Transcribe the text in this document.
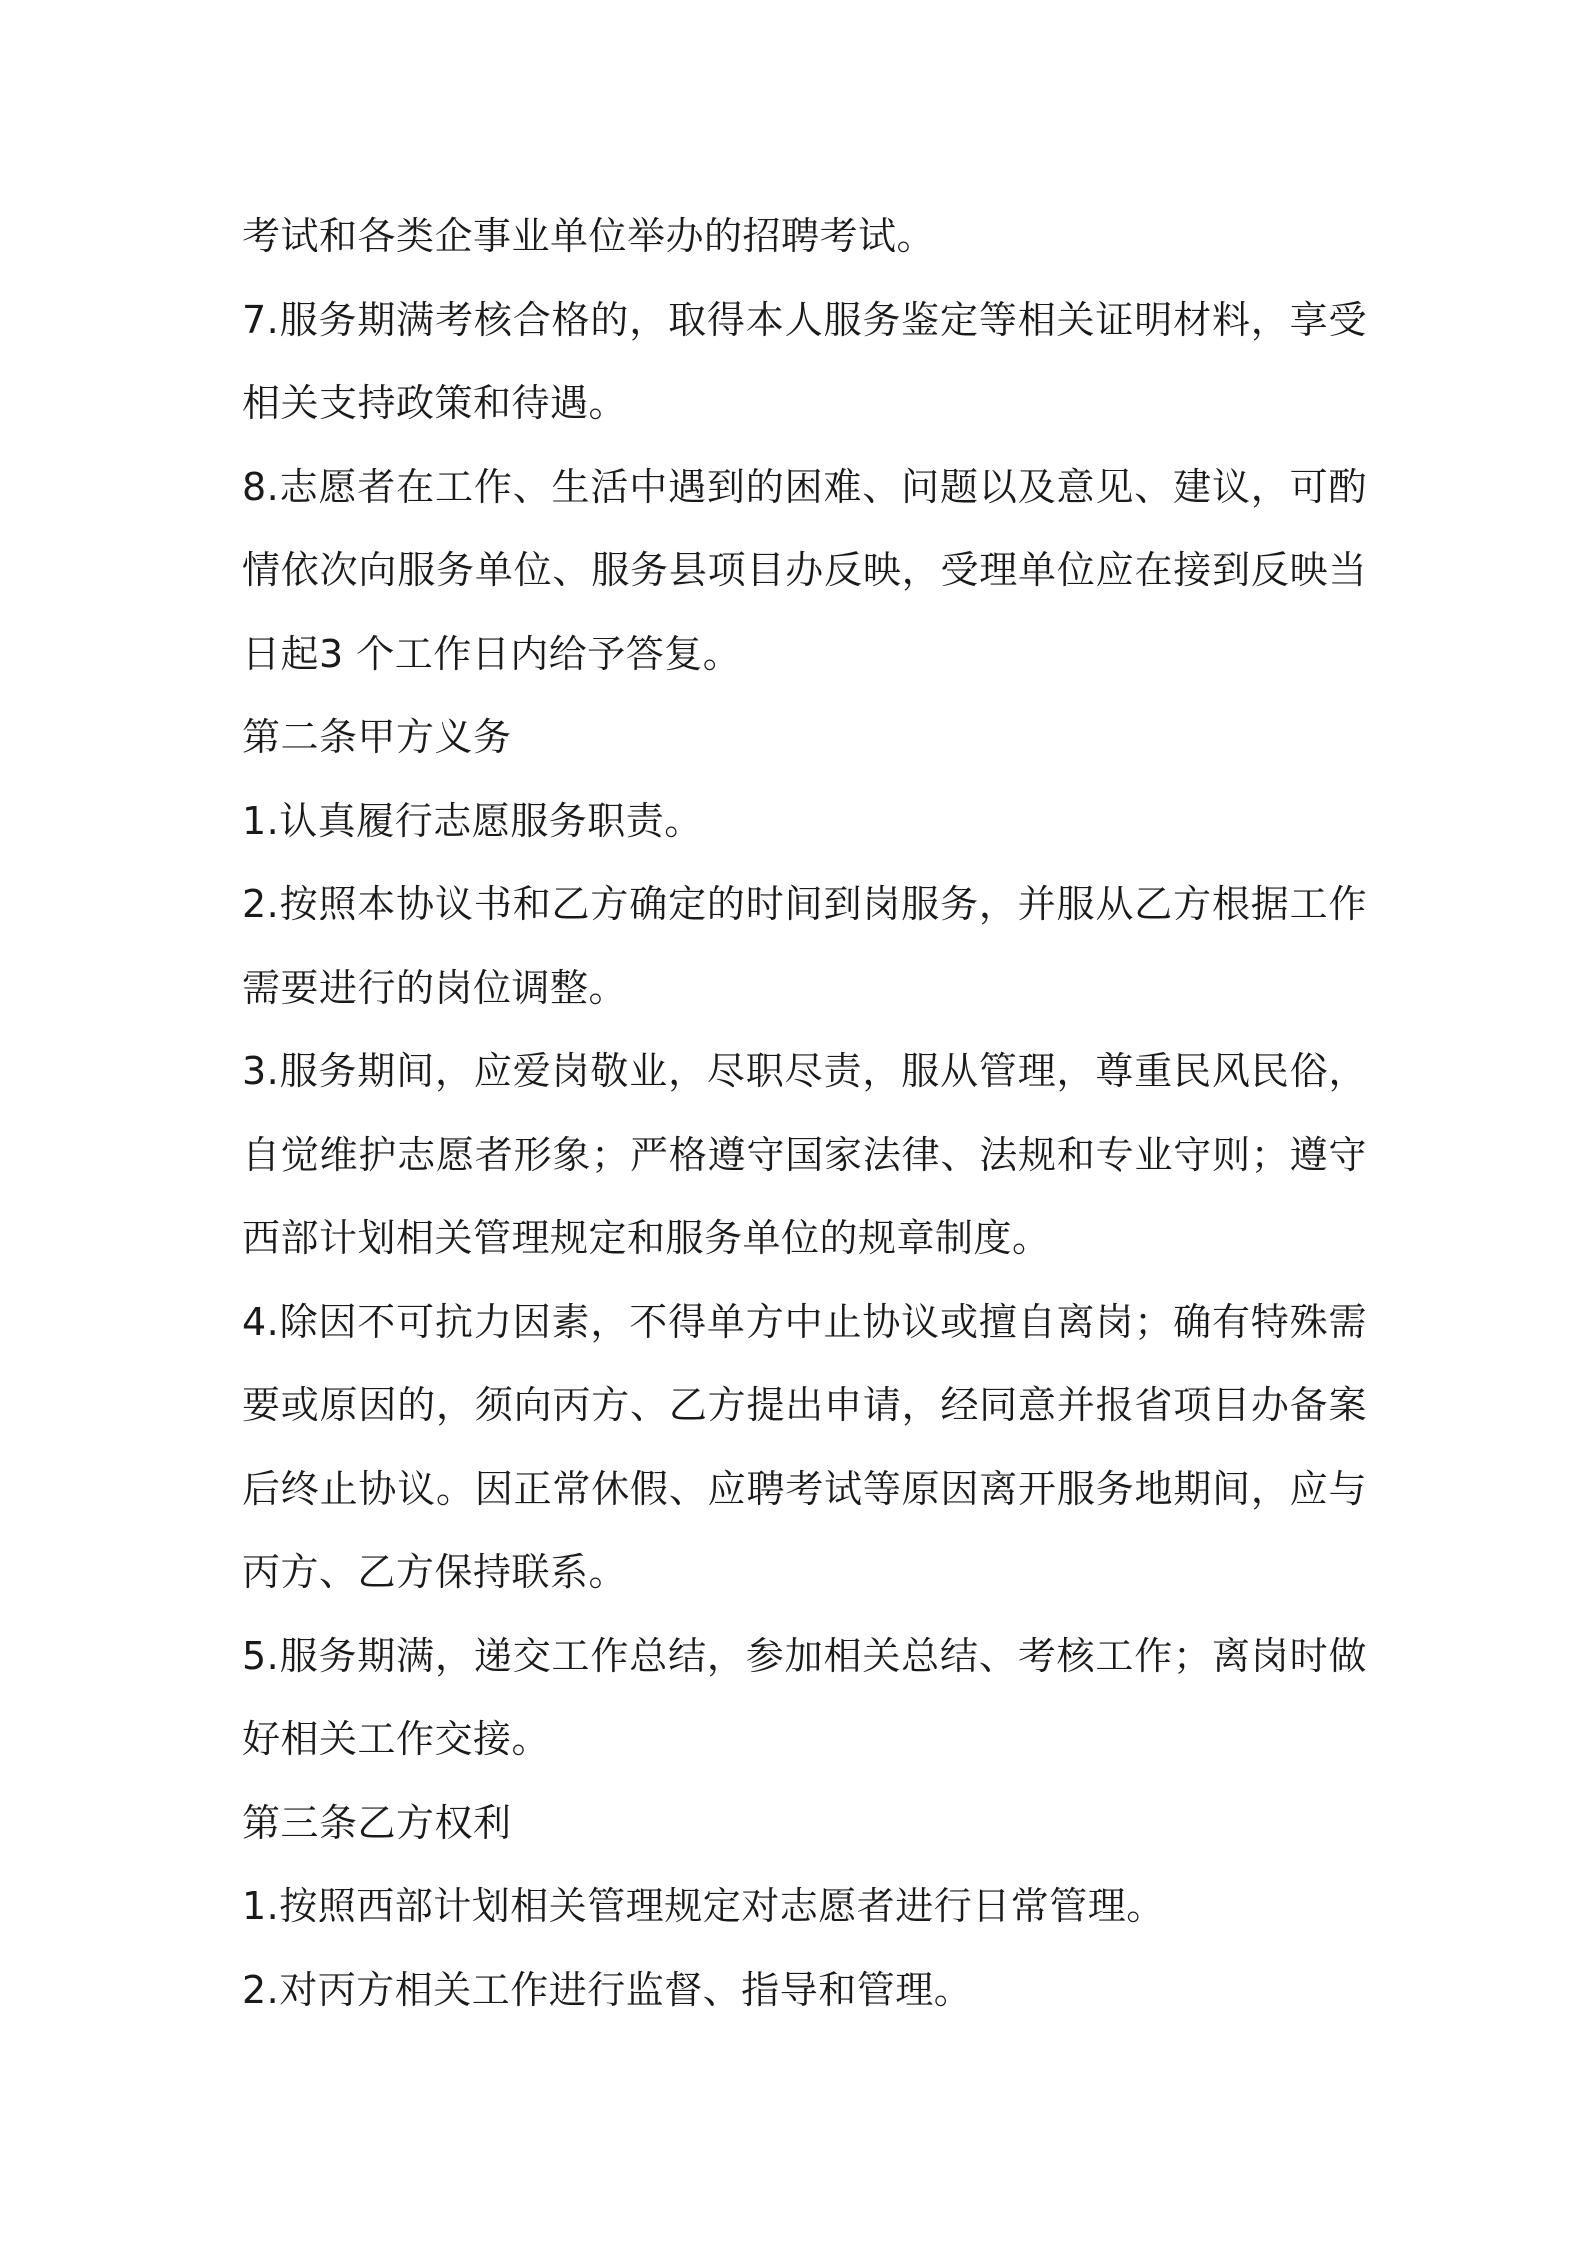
考试和各类企事业单位举办的招聘考试。

7.服务期满考核合格的，取得本人服务鉴定等相关证明材料，享受相关支持政策和待遇。

8.志愿者在工作、生活中遇到的困难、问题以及意见、建议，可酌情依次向服务单位、服务县项目办反映，受理单位应在接到反映当日起3 个工作日内给予答复。

第二条甲方义务

1.认真履行志愿服务职责。

2.按照本协议书和乙方确定的时间到岗服务，并服从乙方根据工作需要进行的岗位调整。

3.服务期间，应爱岗敬业，尽职尽责，服从管理，尊重民风民俗，自觉维护志愿者形象；严格遵守国家法律、法规和专业守则；遵守西部计划相关管理规定和服务单位的规章制度。

4.除因不可抗力因素，不得单方中止协议或擅自离岗；确有特殊需要或原因的，须向丙方、乙方提出申请，经同意并报省项目办备案后终止协议。因正常休假、应聘考试等原因离开服务地期间，应与丙方、乙方保持联系。

5.服务期满，递交工作总结，参加相关总结、考核工作；离岗时做好相关工作交接。

第三条乙方权利

1.按照西部计划相关管理规定对志愿者进行日常管理。

2.对丙方相关工作进行监督、指导和管理。
